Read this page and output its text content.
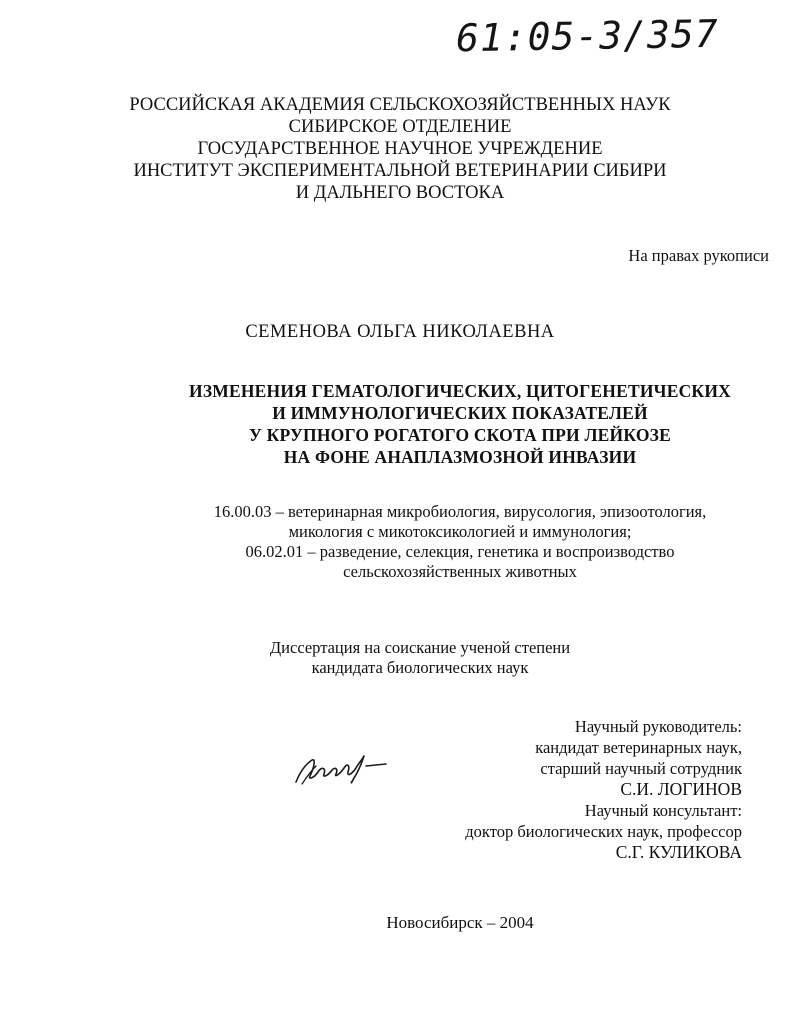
61:05-3/357
РОССИЙСКАЯ АКАДЕМИЯ СЕЛЬСКОХОЗЯЙСТВЕННЫХ НАУК
СИБИРСКОЕ ОТДЕЛЕНИЕ
ГОСУДАРСТВЕННОЕ НАУЧНОЕ УЧРЕЖДЕНИЕ
ИНСТИТУТ ЭКСПЕРИМЕНТАЛЬНОЙ ВЕТЕРИНАРИИ СИБИРИ
И ДАЛЬНЕГО ВОСТОКА
На правах рукописи
СЕМЕНОВА ОЛЬГА НИКОЛАЕВНА
ИЗМЕНЕНИЯ ГЕМАТОЛОГИЧЕСКИХ, ЦИТОГЕНЕТИЧЕСКИХ
И ИММУНОЛОГИЧЕСКИХ ПОКАЗАТЕЛЕЙ
У КРУПНОГО РОГАТОГО СКОТА ПРИ ЛЕЙКОЗЕ
НА ФОНЕ АНАПЛАЗМОЗНОЙ ИНВАЗИИ
16.00.03 – ветеринарная микробиология, вирусология, эпизоотология,
микология с микотоксикологией и иммунология;
06.02.01 – разведение, селекция, генетика и воспроизводство
сельскохозяйственных животных
Диссертация на соискание ученой степени
кандидата биологических наук
Научный руководитель:
кандидат ветеринарных наук,
старший научный сотрудник
С.И. ЛОГИНОВ
Научный консультант:
доктор биологических наук, профессор
С.Г. КУЛИКОВА
Новосибирск – 2004
